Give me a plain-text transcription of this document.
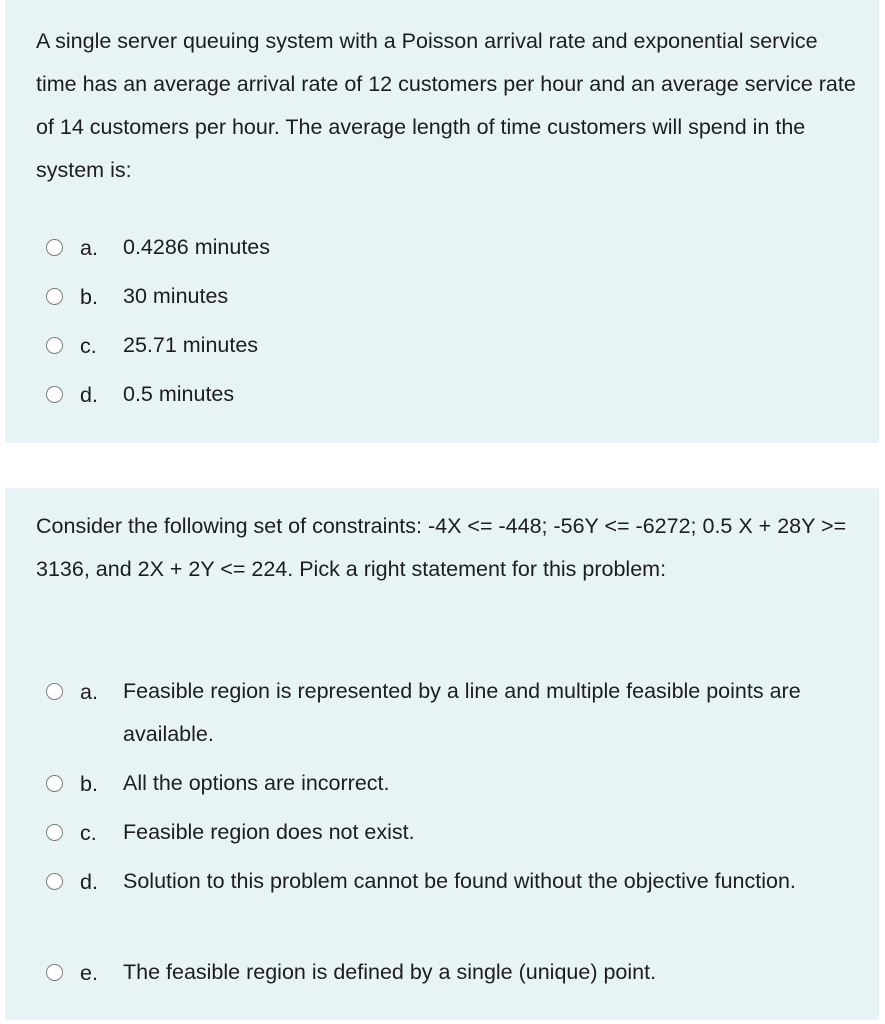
A single server queuing system with a Poisson arrival rate and exponential service time has an average arrival rate of 12 customers per hour and an average service rate of 14 customers per hour. The average length of time customers will spend in the system is:

a. 0.4286 minutes
b. 30 minutes
c. 25.71 minutes
d. 0.5 minutes

Consider the following set of constraints: -4X <= -448; -56Y <= -6272; 0.5 X + 28Y >= 3136, and 2X + 2Y <= 224. Pick a right statement for this problem:

a. Feasible region is represented by a line and multiple feasible points are available.
b. All the options are incorrect.
c. Feasible region does not exist.
d. Solution to this problem cannot be found without the objective function.
e. The feasible region is defined by a single (unique) point.
